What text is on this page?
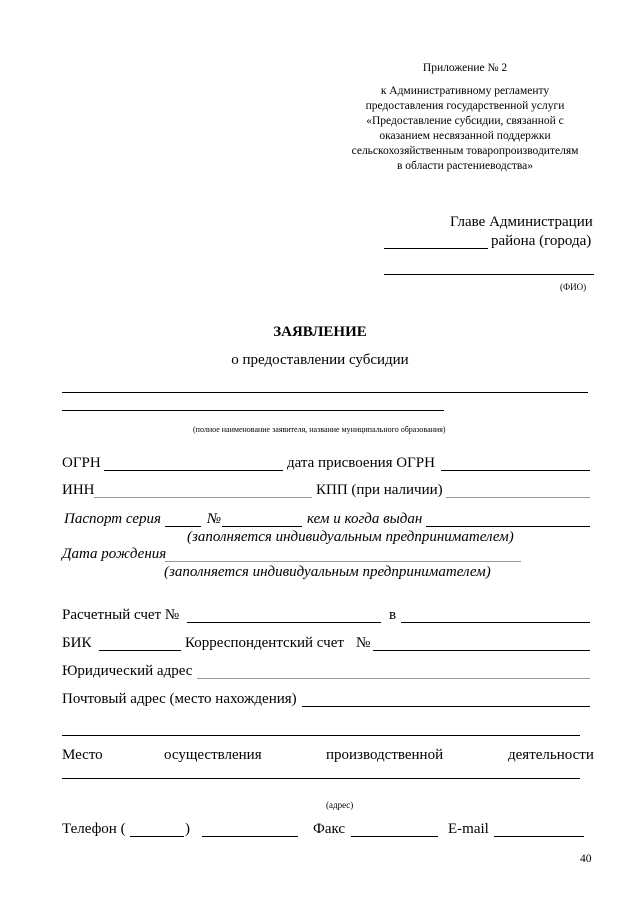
Приложение № 2
к Административному регламенту
предоставления государственной услуги
«Предоставление субсидии, связанной с
оказанием несвязанной поддержки
сельскохозяйственным товаропроизводителям
в области растениеводства»
Главе Администрации
района (города)
(ФИО)
ЗАЯВЛЕНИЕ
о предоставлении субсидии
(полное наименование заявителя, название муниципального образования)
ОГРН	дата присвоения ОГРН
ИНН	КПП (при наличии)
Паспорт серия	№	кем и когда выдан
(заполняется индивидуальным предпринимателем)
Дата рождения
(заполняется индивидуальным предпринимателем)
Расчетный счет №	в
БИК	Корреспондентский счет №
Юридический адрес
Почтовый адрес (место нахождения)
Место	осуществления	производственной	деятельности
(адрес)
Телефон (	)	Факс	E-mail
40
